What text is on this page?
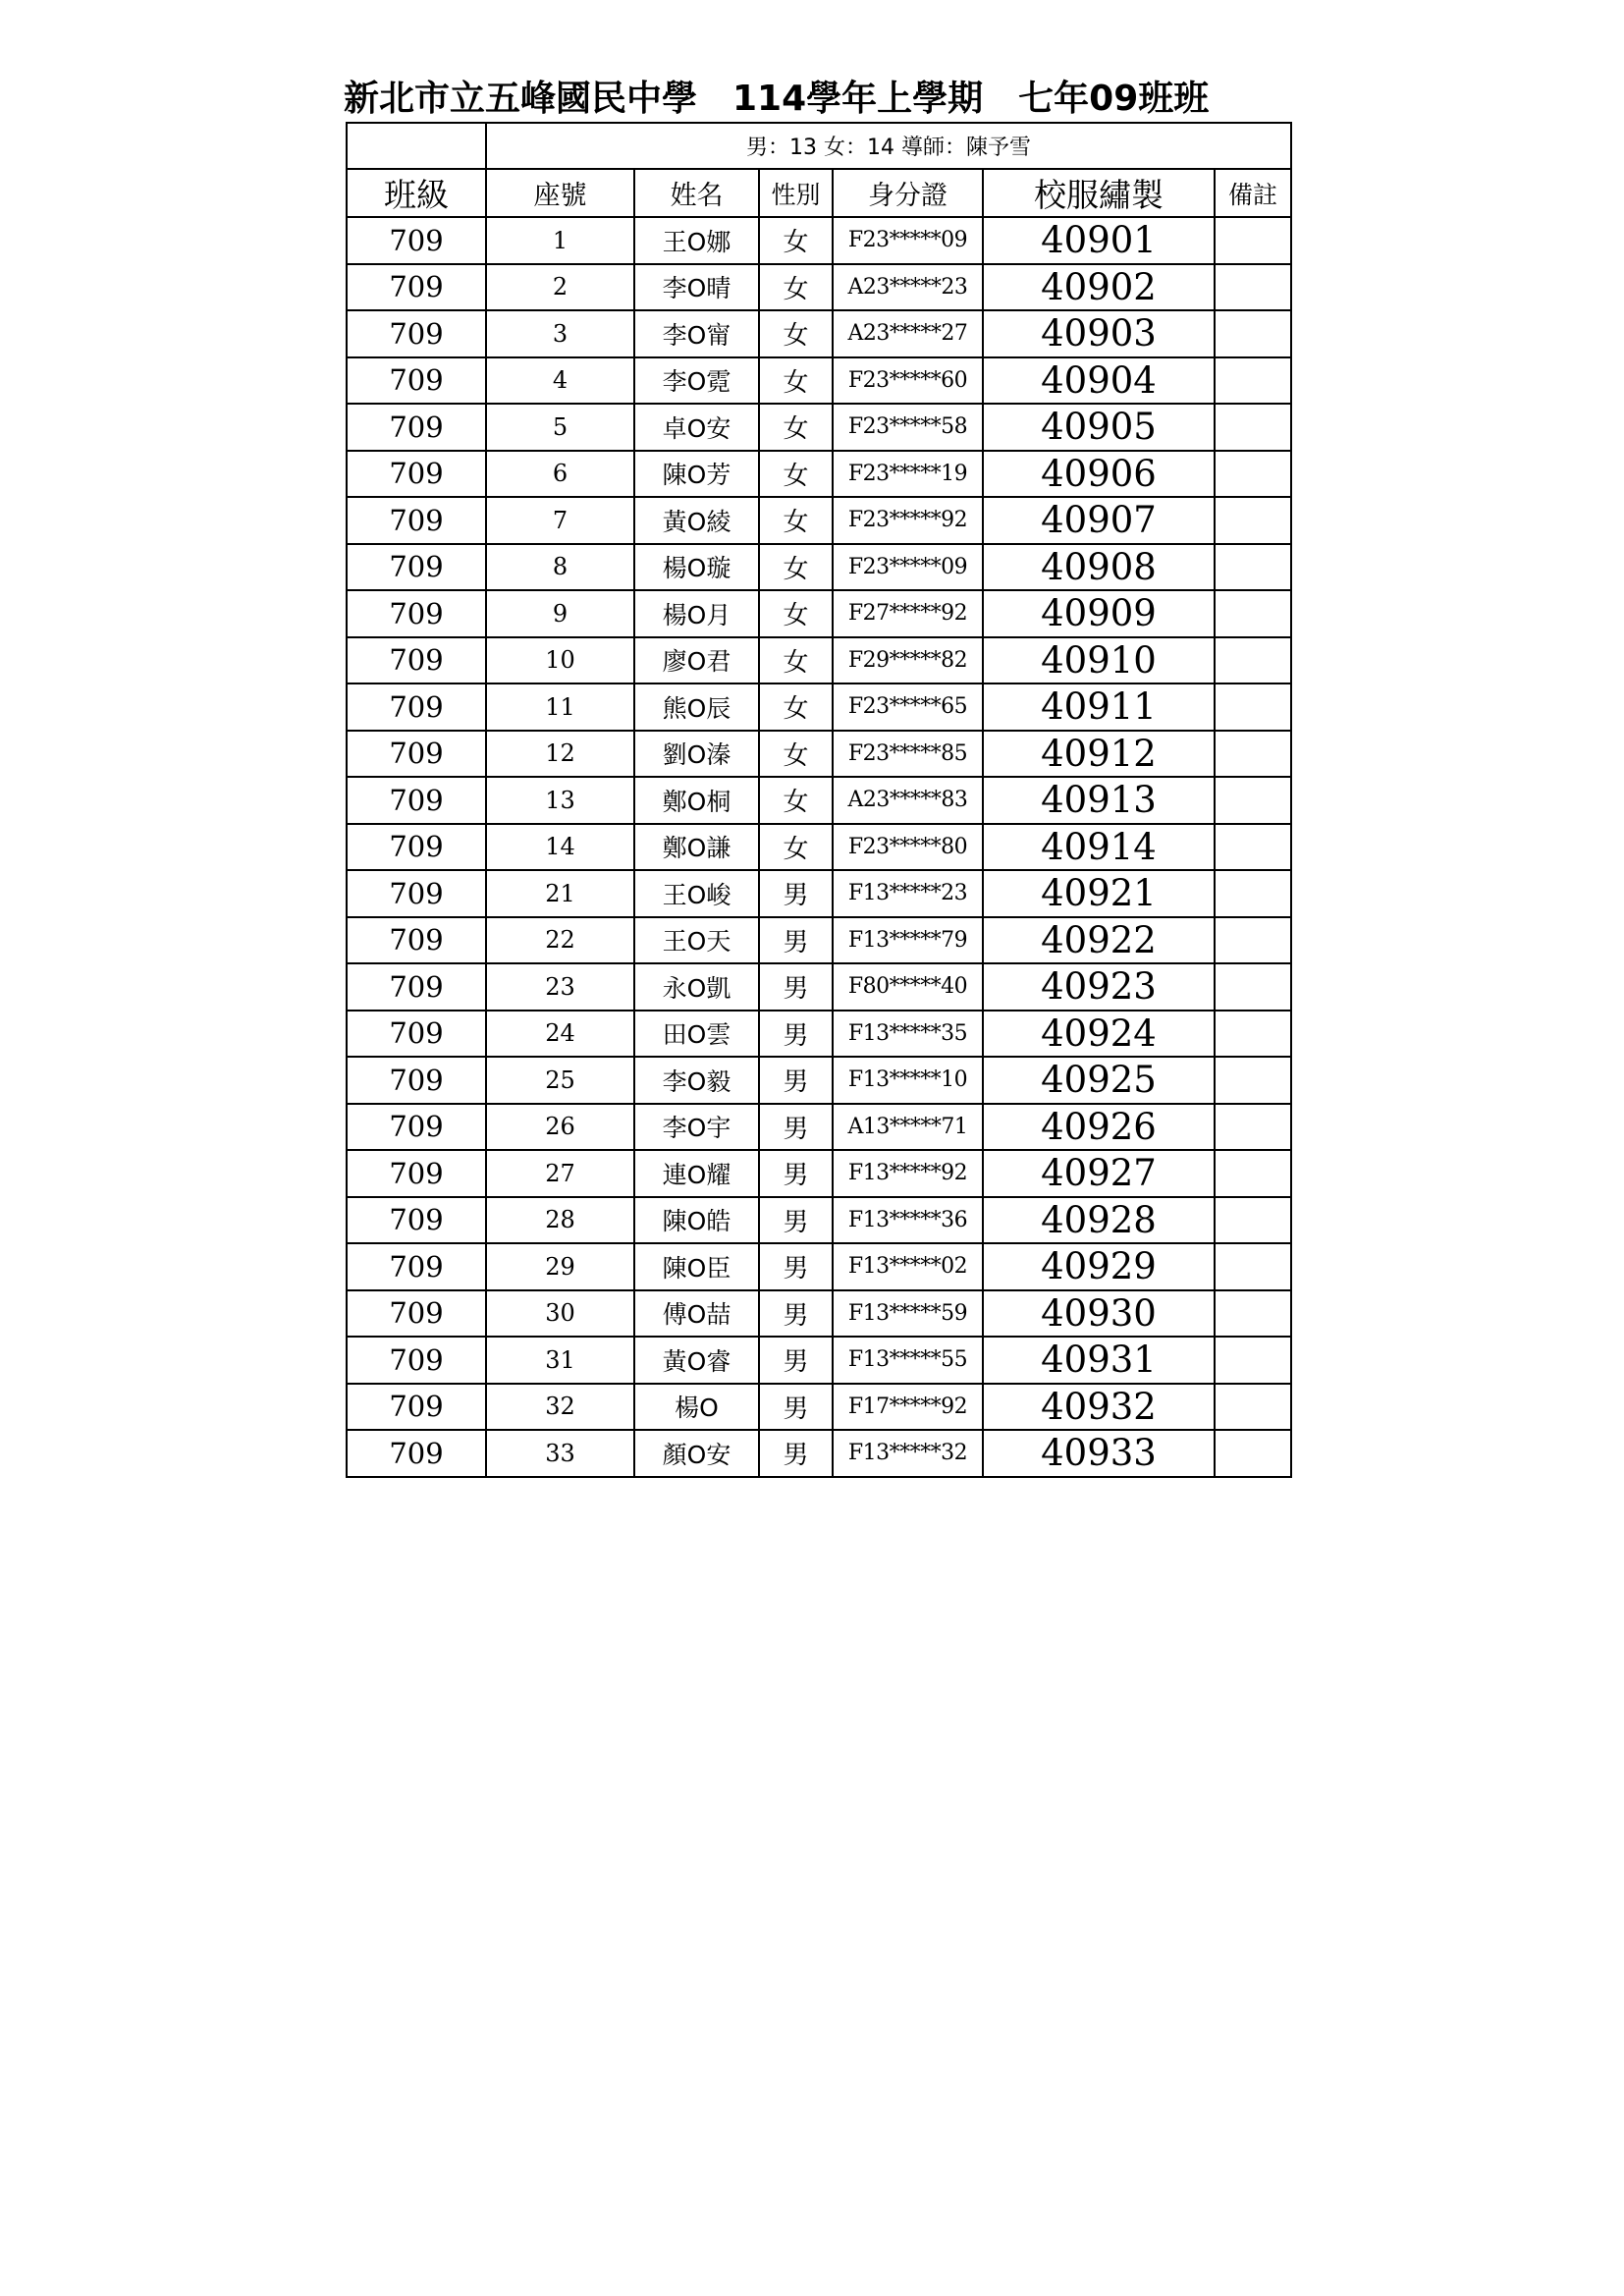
新北市立五峰國民中學　114學年上學期　七年09班班
	男：13 女：14 導師：陳予雪					
班級	座號	姓名	性別	身分證	校服繡製	備註
709	1	王O娜	女	F23*****09	40901	
709	2	李O晴	女	A23*****23	40902	
709	3	李O甯	女	A23*****27	40903	
709	4	李O霓	女	F23*****60	40904	
709	5	卓O安	女	F23*****58	40905	
709	6	陳O芳	女	F23*****19	40906	
709	7	黃O綾	女	F23*****92	40907	
709	8	楊O璇	女	F23*****09	40908	
709	9	楊O月	女	F27*****92	40909	
709	10	廖O君	女	F29*****82	40910	
709	11	熊O辰	女	F23*****65	40911	
709	12	劉O溱	女	F23*****85	40912	
709	13	鄭O桐	女	A23*****83	40913	
709	14	鄭O謙	女	F23*****80	40914	
709	21	王O峻	男	F13*****23	40921	
709	22	王O天	男	F13*****79	40922	
709	23	永O凱	男	F80*****40	40923	
709	24	田O雲	男	F13*****35	40924	
709	25	李O毅	男	F13*****10	40925	
709	26	李O宇	男	A13*****71	40926	
709	27	連O耀	男	F13*****92	40927	
709	28	陳O皓	男	F13*****36	40928	
709	29	陳O臣	男	F13*****02	40929	
709	30	傅O喆	男	F13*****59	40930	
709	31	黃O睿	男	F13*****55	40931	
709	32	楊O	男	F17*****92	40932	
709	33	顏O安	男	F13*****32	40933	
